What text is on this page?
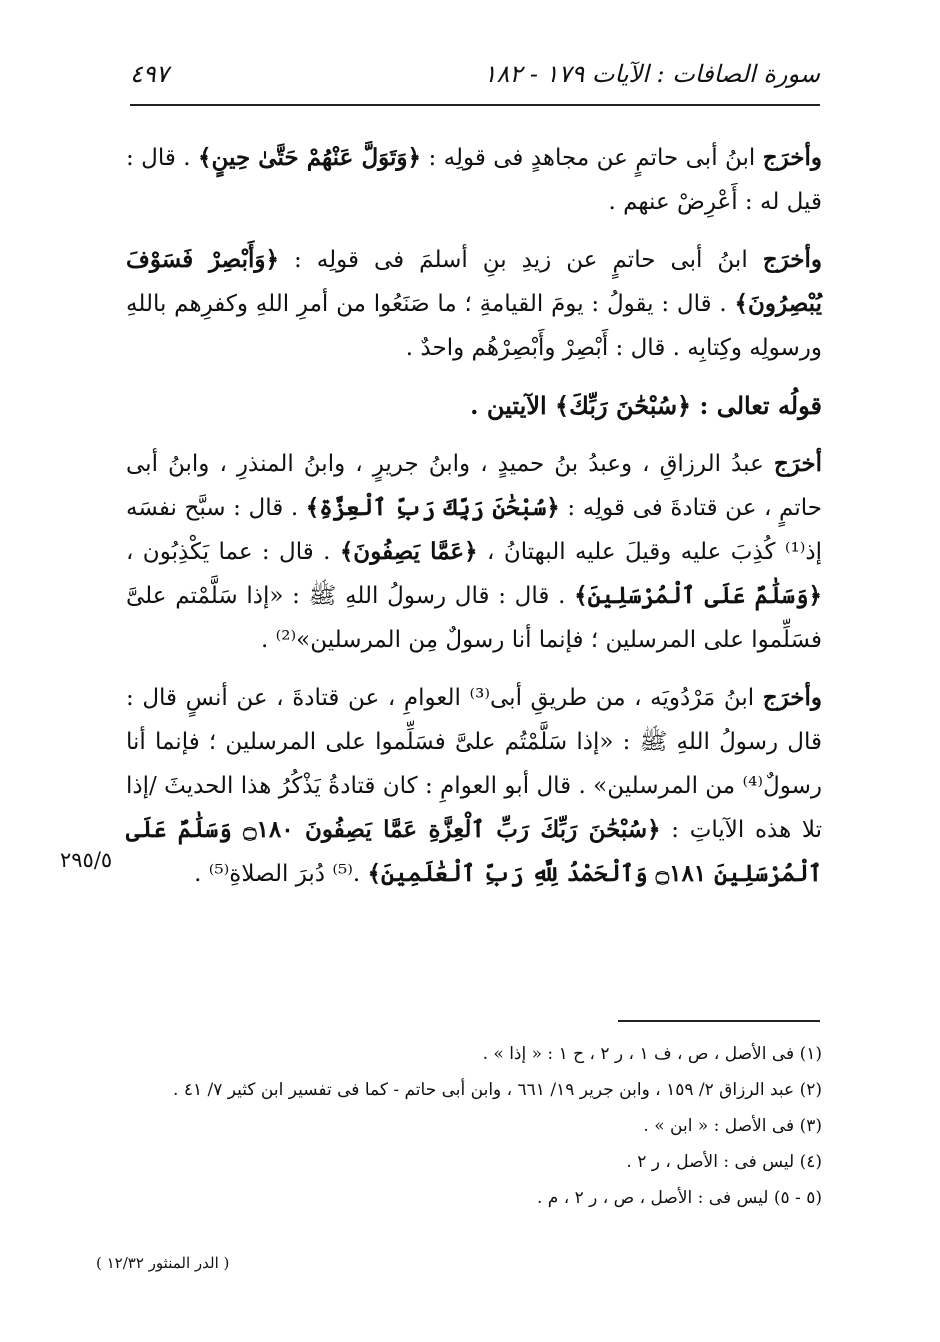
٤٩٧	سورة الصافات : الآيات ١٧٩ - ١٨٢

وأخرَج ابنُ أبى حاتمٍ عن مجاهدٍ فى قولِه : ﴿وَتَوَلَّ عَنْهُمْ حَتَّىٰ حِينٍ﴾ . قال : قيل له : أَعْرِضْ عنهم .

وأخرَج ابنُ أبى حاتمٍ عن زيدِ بنِ أسلمَ فى قولِه : ﴿وَأَبْصِرْ فَسَوْفَ يُبْصِرُونَ﴾ . قال : يقولُ : يومَ القيامةِ ؛ ما صَنَعُوا من أمرِ اللهِ وكفرِهم باللهِ ورسولِه وكِتابِه . قال : أَبْصِرْ وأَبْصِرْهُم واحدٌ .

قولُه تعالى : ﴿سُبْحَٰنَ رَبِّكَ﴾ الآيتين .

أخرَج عبدُ الرزاقِ ، وعبدُ بنُ حميدٍ ، وابنُ جريرٍ ، وابنُ المنذرِ ، وابنُ أبى حاتمٍ ، عن قتادةَ فى قولِه : ﴿سُبْحَٰنَ رَبِّكَ رَبِّ ٱلْعِزَّةِ﴾ . قال : سبَّح نفسَه إذ⁽¹⁾ كُذِبَ عليه وقيلَ عليه البهتانُ ، ﴿عَمَّا يَصِفُونَ﴾ . قال : عما يَكْذِبُون ، ﴿وَسَلَٰمٌ عَلَى ٱلْمُرْسَلِينَ﴾ . قال : قال رسولُ اللهِ ﷺ : «إذا سَلَّمْتم علىَّ فسَلِّموا على المرسلين ؛ فإنما أنا رسولٌ مِن المرسلين»⁽²⁾ .

وأخرَج ابنُ مَرْدُويَه ، من طريقِ أبى⁽³⁾ العوامِ ، عن قتادةَ ، عن أنسٍ قال : قال رسولُ اللهِ ﷺ : «إذا سَلَّمْتُم علىَّ فسَلِّموا على المرسلين ؛ فإنما أنا رسولٌ⁽⁴⁾ من المرسلين» . قال أبو العوامِ : كان قتادةُ يَذْكُرُ هذا الحديثَ /إذا تلا هذه الآياتِ : ﴿سُبْحَٰنَ رَبِّكَ رَبِّ ٱلْعِزَّةِ عَمَّا يَصِفُونَ ۝١٨٠ وَسَلَٰمٌ عَلَى ٱلْمُرْسَلِينَ ۝١٨١ وَٱلْحَمْدُ لِلَّهِ رَبِّ ٱلْعَٰلَمِينَ﴾ .⁽⁵⁾ دُبرَ الصلاةِ⁽⁵⁾ .

٢٩٥/٥
(١) فى الأصل ، ص ، ف ١ ، ر ٢ ، ح ١ : « إذا » .
(٢) عبد الرزاق ٢/ ١٥٩ ، وابن جرير ١٩/ ٦٦١ ، وابن أبى حاتم - كما فى تفسير ابن كثير ٧/ ٤١ .
(٣) فى الأصل : « ابن » .
(٤) ليس فى : الأصل ، ر ٢ .
(٥ - ٥) ليس فى : الأصل ، ص ، ر ٢ ، م .
( الدر المنثور ١٢/٣٢ )
